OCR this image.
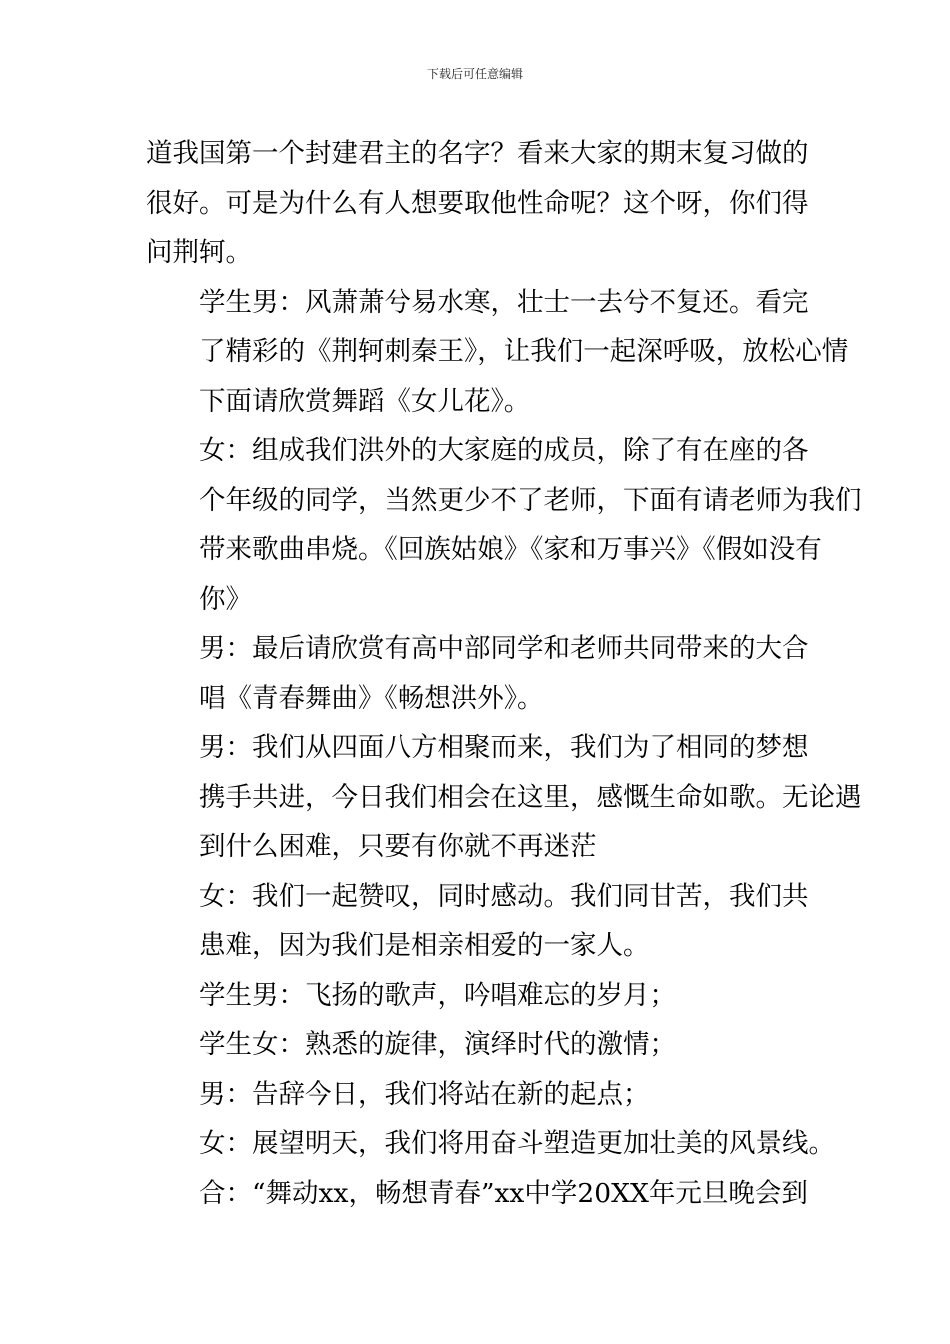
下载后可任意编辑
道我国第一个封建君主的名字？看来大家的期末复习做的
很好。可是为什么有人想要取他性命呢？这个呀，你们得
问荆轲。
学生男：风萧萧兮易水寒，壮士一去兮不复还。看完
了精彩的《荆轲刺秦王》，让我们一起深呼吸，放松心情
下面请欣赏舞蹈《女儿花》。
女：组成我们洪外的大家庭的成员，除了有在座的各
个年级的同学，当然更少不了老师，下面有请老师为我们
带来歌曲串烧。《回族姑娘》《家和万事兴》《假如没有
你》
男：最后请欣赏有高中部同学和老师共同带来的大合
唱《青春舞曲》《畅想洪外》。
男：我们从四面八方相聚而来，我们为了相同的梦想
携手共进，今日我们相会在这里，感慨生命如歌。无论遇
到什么困难，只要有你就不再迷茫
女：我们一起赞叹，同时感动。我们同甘苦，我们共
患难，因为我们是相亲相爱的一家人。
学生男：飞扬的歌声，吟唱难忘的岁月；
学生女：熟悉的旋律，演绎时代的激情；
男：告辞今日，我们将站在新的起点；
女：展望明天，我们将用奋斗塑造更加壮美的风景线。
合：“舞动xx，畅想青春”xx中学20XX年元旦晚会到
